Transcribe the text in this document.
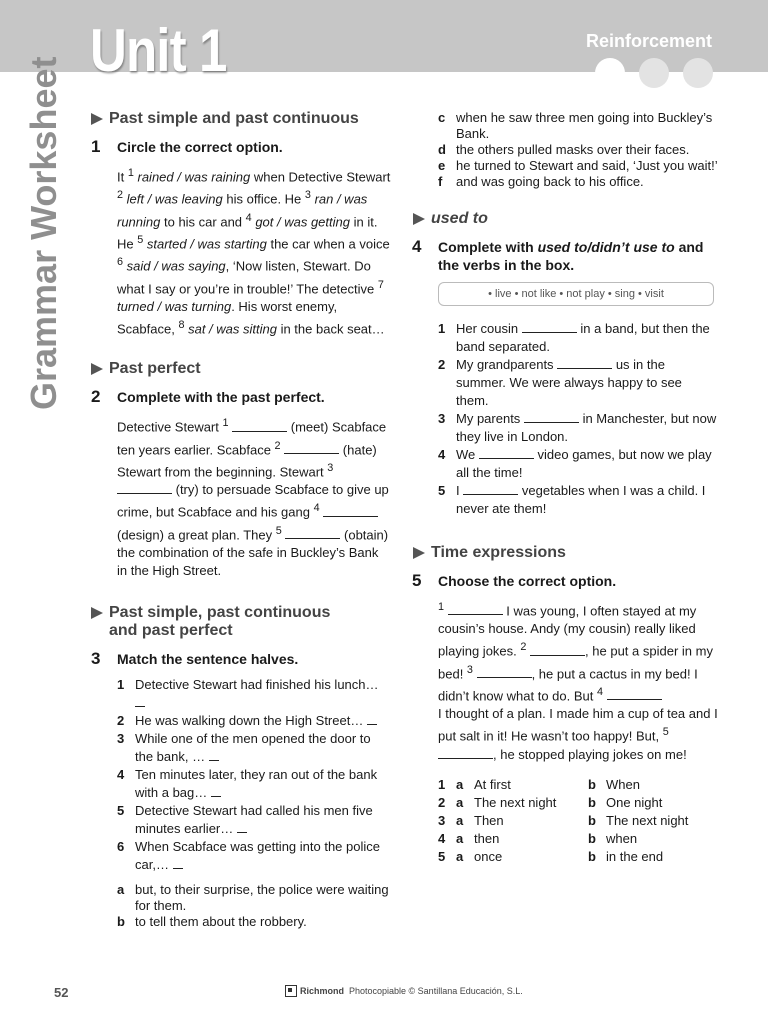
Unit 1	Reinforcement
Grammar Worksheet	Past simple and past continuous
1	Circle the correct option.
It $^1$ rained / was raining when Detective Stewart $^2$ left / was leaving his office. He $^3$ ran / was running to his car and $^4$ got / was getting in it. He $^5$ started / was starting the car when a voice $^6$ said / was saying, ‘Now listen, Stewart. Do what I say or you’re in trouble!’ The detective $^7$ turned / was turning. His worst enemy, Scabface, $^8$ sat / was sitting in the back seat…
Past perfect
2	Complete with the past perfect.
Detective Stewart $^1$	(meet) Scabface ten years earlier. Scabface $^2$	(hate) Stewart from the beginning. Stewart $^3$  (try) to persuade Scabface to give up crime, but Scabface and his gang $^4$  (design) a great plan. They $^5$	(obtain) the combination of the safe in Buckley’s Bank in the High Street.
Past simple, past continuous and past perfect
3	Match the sentence halves.
1 Detective Stewart had finished his lunch…
2 He was walking down the High Street…
3 While one of the men opened the door to the bank, …
4 Ten minutes later, they ran out of the bank with a bag…
5 Detective Stewart had called his men five minutes earlier…
6 When Scabface was getting into the police car,…
a but, to their surprise, the police were waiting for them.
b to tell them about the robbery.
c when he saw three men going into Buckley’s Bank.
d the others pulled masks over their faces.
e he turned to Stewart and said, ‘Just you wait!’
f	and was going back to his office.
used to
4	Complete with used to/didn’t use to and the verbs in the box.
• live • not like • not play • sing • visit
1 Her cousin	in a band, but then the band separated.
2 My grandparents	us in the summer. We were always happy to see them.
3 My parents	in Manchester, but now they live in London.
4 We	video games, but now we play all the time!
5 I	vegetables when I was a child. I never ate them!
Time expressions
5	Choose the correct option.
$^1$	I was young, I often stayed at my cousin’s house. Andy (my cousin) really liked playing jokes. $^2$	, he put a spider in my bed! $^3$	, he put a cactus in my bed! I didn’t know what to do. But $^4$
I thought of a plan. I made him a cup of tea and I put salt in it! He wasn’t too happy! But, $^5$ , he stopped playing jokes on me!
1 a At first	b When
2 a The next night	b One night
3 a Then	b The next night
4 a then	b when
5 a once	b in the end
52	Richmond Photocopiable © Santillana Educación, S.L.
